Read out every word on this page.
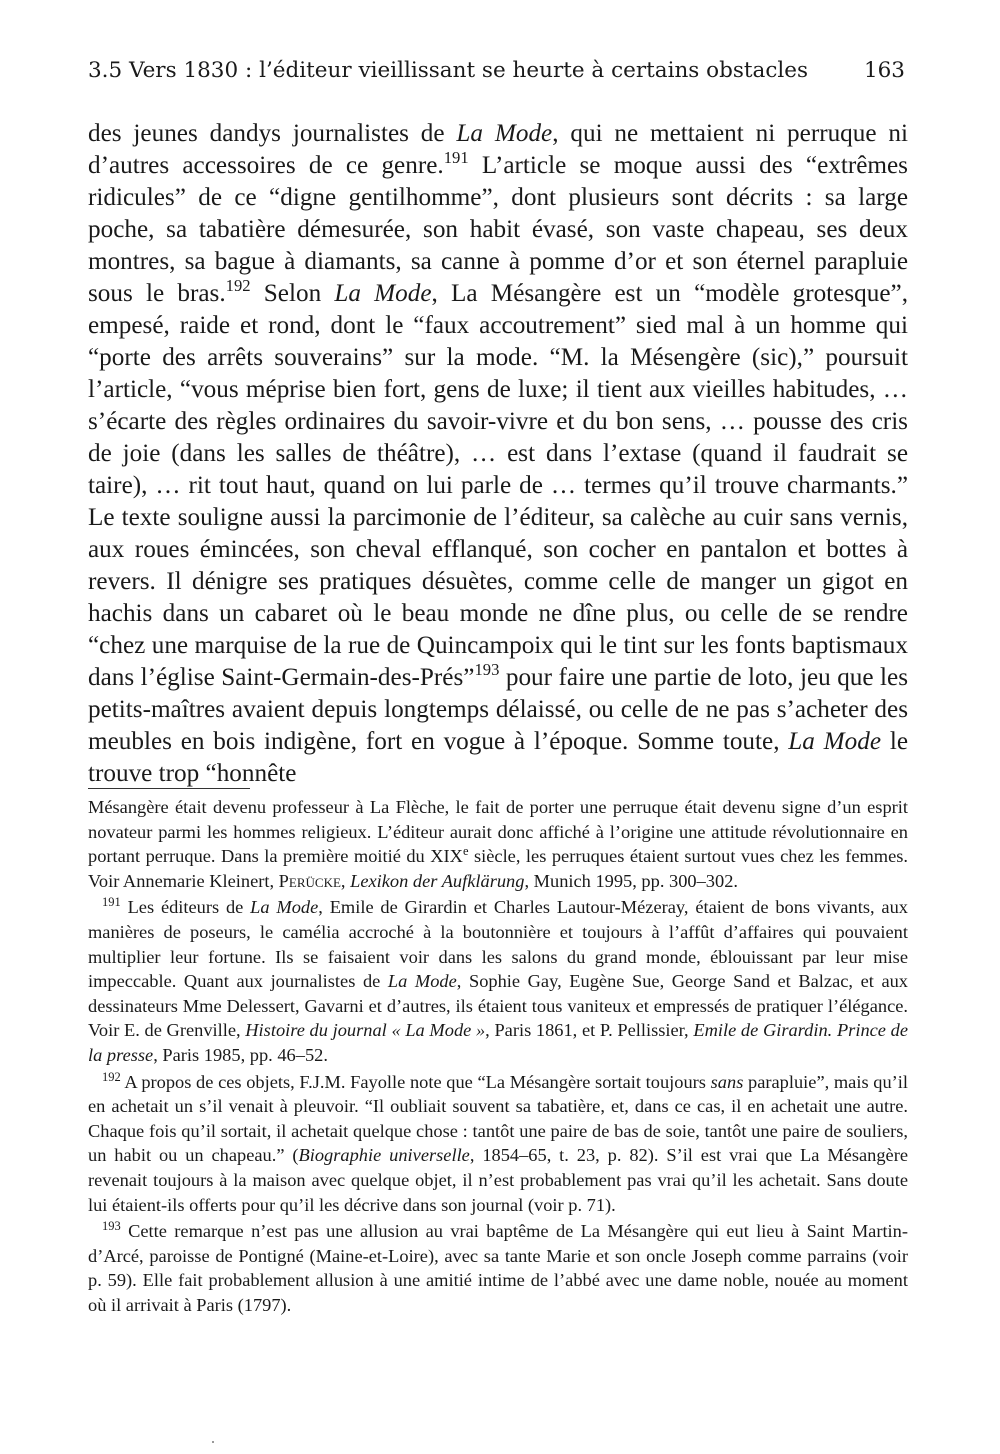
3.5 Vers 1830 : l’éditeur vieillissant se heurte à certains obstacles	163

des jeunes dandys journalistes de La Mode, qui ne mettaient ni perruque ni d’autres accessoires de ce genre.$^{191}$ L’article se moque aussi des “extrêmes ridicules” de ce “digne gentilhomme”, dont plusieurs sont décrits : sa large poche, sa tabatière démesurée, son habit évasé, son vaste chapeau, ses deux montres, sa bague à diamants, sa canne à pomme d’or et son éternel parapluie sous le bras.$^{192}$ Selon La Mode, La Mésangère est un “modèle grotesque”, empesé, raide et rond, dont le “faux accoutrement” sied mal à un homme qui “porte des arrêts souverains” sur la mode. “M. la Mésengère (sic),” poursuit l’article, “vous méprise bien fort, gens de luxe; il tient aux vieilles habitudes, … s’écarte des règles ordinaires du savoir-vivre et du bon sens, … pousse des cris de joie (dans les salles de théâtre), … est dans l’extase (quand il faudrait se taire), … rit tout haut, quand on lui parle de … termes qu’il trouve charmants.” Le texte souligne aussi la parcimonie de l’éditeur, sa calèche au cuir sans vernis, aux roues émincées, son cheval efflanqué, son cocher en pantalon et bottes à revers. Il dénigre ses pratiques désuètes, comme celle de manger un gigot en hachis dans un cabaret où le beau monde ne dîne plus, ou celle de se rendre “chez une marquise de la rue de Quincampoix qui le tint sur les fonts baptismaux dans l’église Saint-Germain-des-Prés”$^{193}$ pour faire une partie de loto, jeu que les petits-maîtres avaient depuis longtemps délaissé, ou celle de ne pas s’acheter des meubles en bois indigène, fort en vogue à l’époque. Somme toute, La Mode le trouve trop “honnête

Mésangère était devenu professeur à La Flèche, le fait de porter une perruque était devenu signe d’un esprit novateur parmi les hommes religieux. L’éditeur aurait donc affiché à l’origine une attitude révolutionnaire en portant perruque. Dans la première moitié du XIXe siècle, les perruques étaient surtout vues chez les femmes. Voir Annemarie Kleinert, Perücke, Lexikon der Aufklärung, Munich 1995, pp. 300–302.

$^{191}$ Les éditeurs de La Mode, Emile de Girardin et Charles Lautour-Mézeray, étaient de bons vivants, aux manières de poseurs, le camélia accroché à la boutonnière et toujours à l’affût d’affaires qui pouvaient multiplier leur fortune. Ils se faisaient voir dans les salons du grand monde, éblouissant par leur mise impeccable. Quant aux journalistes de La Mode, Sophie Gay, Eugène Sue, George Sand et Balzac, et aux dessinateurs Mme Delessert, Gavarni et d’autres, ils étaient tous vaniteux et empressés de pratiquer l’élégance. Voir E. de Grenville, Histoire du journal « La Mode », Paris 1861, et P. Pellissier, Emile de Girardin. Prince de la presse, Paris 1985, pp. 46–52.

$^{192}$ A propos de ces objets, F.J.M. Fayolle note que “La Mésangère sortait toujours sans parapluie”, mais qu’il en achetait un s’il venait à pleuvoir. “Il oubliait souvent sa tabatière, et, dans ce cas, il en achetait une autre. Chaque fois qu’il sortait, il achetait quelque chose : tantôt une paire de bas de soie, tantôt une paire de souliers, un habit ou un chapeau.” (Biographie universelle, 1854–65, t. 23, p. 82). S’il est vrai que La Mésangère revenait toujours à la maison avec quelque objet, il n’est probablement pas vrai qu’il les achetait. Sans doute lui étaient-ils offerts pour qu’il les décrive dans son journal (voir p. 71).

$^{193}$ Cette remarque n’est pas une allusion au vrai baptême de La Mésangère qui eut lieu à Saint Martin-d’Arcé, paroisse de Pontigné (Maine-et-Loire), avec sa tante Marie et son oncle Joseph comme parrains (voir p. 59). Elle fait probablement allusion à une amitié intime de l’abbé avec une dame noble, nouée au moment où il arrivait à Paris (1797).
